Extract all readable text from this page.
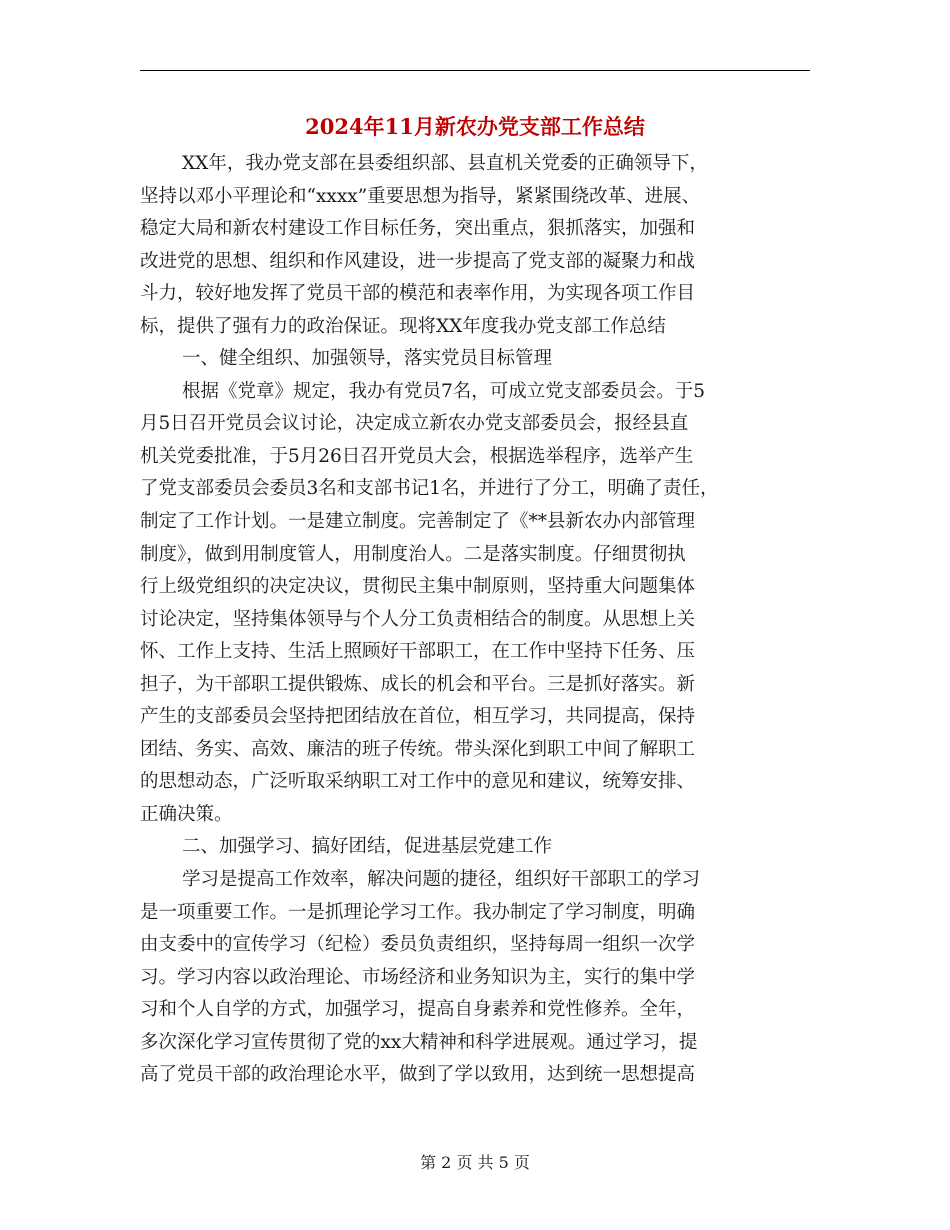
2024年11月新农办党支部工作总结
XX年，我办党支部在县委组织部、县直机关党委的正确领导下，
坚持以邓小平理论和“xxxx”重要思想为指导，紧紧围绕改革、进展、
稳定大局和新农村建设工作目标任务，突出重点，狠抓落实，加强和
改进党的思想、组织和作风建设，进一步提高了党支部的凝聚力和战
斗力，较好地发挥了党员干部的模范和表率作用，为实现各项工作目
标，提供了强有力的政治保证。现将XX年度我办党支部工作总结
一、健全组织、加强领导，落实党员目标管理
根据《党章》规定，我办有党员7名，可成立党支部委员会。于5
月5日召开党员会议讨论，决定成立新农办党支部委员会，报经县直
机关党委批准，于5月26日召开党员大会，根据选举程序，选举产生
了党支部委员会委员3名和支部书记1名，并进行了分工，明确了责任，
制定了工作计划。一是建立制度。完善制定了《**县新农办内部管理
制度》，做到用制度管人，用制度治人。二是落实制度。仔细贯彻执
行上级党组织的决定决议，贯彻民主集中制原则，坚持重大问题集体
讨论决定，坚持集体领导与个人分工负责相结合的制度。从思想上关
怀、工作上支持、生活上照顾好干部职工，在工作中坚持下任务、压
担子，为干部职工提供锻炼、成长的机会和平台。三是抓好落实。新
产生的支部委员会坚持把团结放在首位，相互学习，共同提高，保持
团结、务实、高效、廉洁的班子传统。带头深化到职工中间了解职工
的思想动态，广泛听取采纳职工对工作中的意见和建议，统筹安排、
正确决策。
二、加强学习、搞好团结，促进基层党建工作
学习是提高工作效率，解决问题的捷径，组织好干部职工的学习
是一项重要工作。一是抓理论学习工作。我办制定了学习制度，明确
由支委中的宣传学习（纪检）委员负责组织，坚持每周一组织一次学
习。学习内容以政治理论、市场经济和业务知识为主，实行的集中学
习和个人自学的方式，加强学习，提高自身素养和党性修养。全年，
多次深化学习宣传贯彻了党的xx大精神和科学进展观。通过学习，提
高了党员干部的政治理论水平，做到了学以致用，达到统一思想提高
第 2 页 共 5 页
